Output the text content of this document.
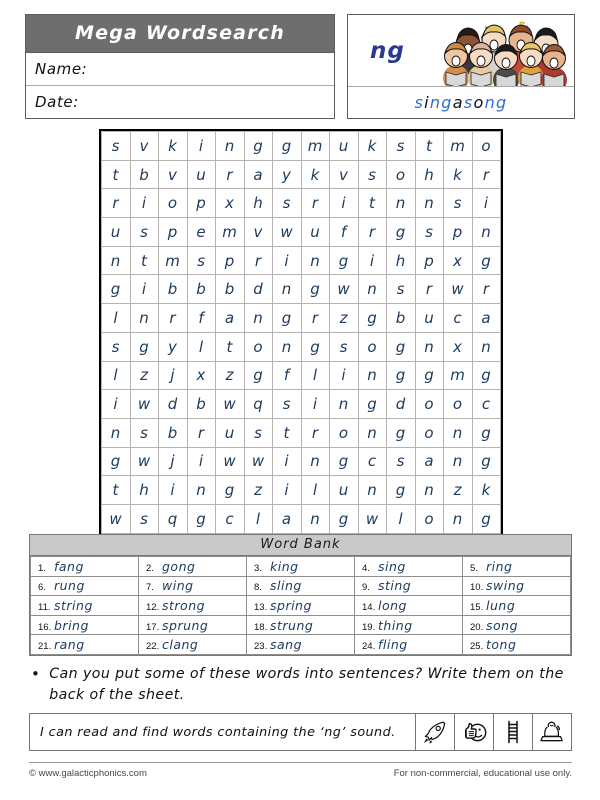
Mega Wordsearch
Name:
Date:
ng
s i ng a s o ng
s	v	k	i	n	g	g	m	u	k	s	t	m	o
t	b	v	u	r	a	y	k	v	s	o	h	k	r
r	i	o	p	x	h	s	r	i	t	n	n	s	i
u	s	p	e	m	v	w	u	f	r	g	s	p	n
n	t	m	s	p	r	i	n	g	i	h	p	x	g
g	i	b	b	b	d	n	g	w	n	s	r	w	r
l	n	r	f	a	n	g	r	z	g	b	u	c	a
s	g	y	l	t	o	n	g	s	o	g	n	x	n
l	z	j	x	z	g	f	l	i	n	g	g	m	g
i	w	d	b	w	q	s	i	n	g	d	o	o	c
n	s	b	r	u	s	t	r	o	n	g	o	n	g
g	w	j	i	w	w	i	n	g	c	s	a	n	g
t	h	i	n	g	z	i	l	u	n	g	n	z	k
w	s	q	g	c	l	a	n	g	w	l	o	n	g
Word Bank
1. fang	2. gong	3. king	4. sing	5. ring
6. rung	7. wing	8. sling	9. sting	10. swing
11. string	12. strong	13. spring	14. long	15. lung
16. bring	17. sprung	18. strung	19. thing	20. song
21. rang	22. clang	23. sang	24. fling	25. tong
• Can you put some of these words into sentences? Write them on the back of the sheet.
I can read and find words containing the ‘ng’ sound.
© www.galacticphonics.com	For non-commercial, educational use only.
